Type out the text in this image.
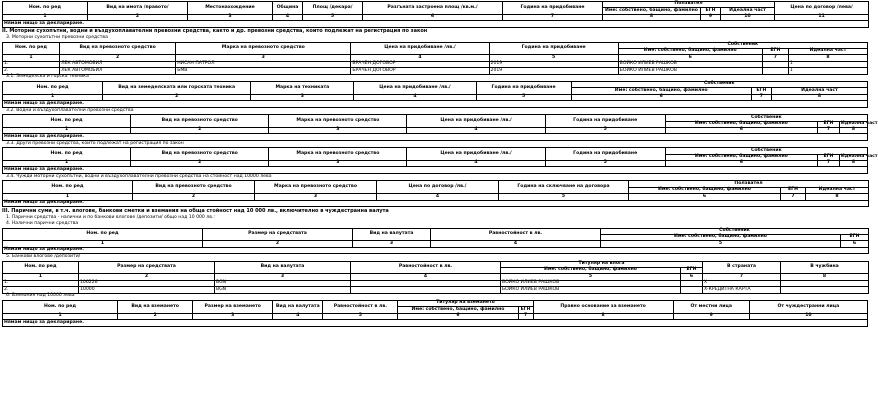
Ном. по ред	Вид на имота /правото/	Местонахождение	Община	Площ /декара/	Разгъната застроена площ /кв.м./	Година на придобиване	Ползвател			Цена по договор /лева/
							Име: собствено, бащино, фамилно	ЕГН	Идеална част	
1	2	3	4	5	6	7	8	9	10	11
Нямам нищо за деклариране.										
II. Моторни сухопътни, водни и въздухоплавателни превозни средства, както и др. превозни средства, които подлежат на регистрация по закон
3. Моторни сухопътни превозни средства
Ном. по ред	Вид на превозното средство	Марка на превозното средство	Цена на придобиване /лв./	Година на придобиване	Собственик		
					Име: собствено, бащино, фамилно	ЕГН	Идеална част
1	2	3	4	5	6	7	8
1.	ЛЕК АВТОМОБИЛ	НИСАН ПАТРОЛ	БРАЧЕН ДОГОВОР	2019	БОЙКО ИЛИЕВ РАШКОВ		1
2.	ЛЕК АВТОМОБИЛ	БМВ	БРАЧЕН ДОГОВОР	2019	БОЙКО ИЛИЕВ РАШКОВ		1
3.1. Земеделска и горска техника
Ном. по ред	Вид на земеделската или горската техника	Марка на техниката	Цена на придобиване /лв./	Година на придобиване	Собственик		
					Име: собствено, бащино, фамилно	ЕГН	Идеална част
1	2	3	4	5	6	7	8
Нямам нищо за деклариране.							
3.2. Водни и въздухоплавателни превозни средства
Ном. по ред	Вид на превозното средство	Марка на превозното средство	Цена на придобиване /лв./	Година на придобиване	Собственик		
					Име: собствено, бащино, фамилно	ЕГН	Идеална част
1	2	3	4	5	6	7	8
Нямам нищо за деклариране.							
3.3. Други превозни средства, които подлежат на регистрация по закон
Ном. по ред	Вид на превозното средство	Марка на превозното средство	Цена на придобиване /лв./	Година на придобиване	Собственик		
					Име: собствено, бащино, фамилно	ЕГН	Идеална част
1	2	3	4	5	6	7	8
Нямам нищо за деклариране.							
3.4. Чужди моторни сухопътни, водни и въздухоплавателни превозни средства на стойност над 10000 лева
Ном. по ред	Вид на превозното средство	Марка на превозното средство	Цена по договор /лв./	Година на сключване на договора	Ползвател		
					Име: собствено, бащино, фамилно	ЕГН	Идеална част
1	2	3	4	5	6	7	8
Нямам нищо за деклариране.							
III. Парични суми, в т.ч. влогове, банкови сметки и вземания на обща стойност над 10 000 лв., включително в чуждестранна валута
1. Парични средства - налични и по банкови влогове /депозити/ общо над 10 000 лв.:
4. Налични парични средства
Ном. по ред	Размер на средствата	Вид на валутата	Равностойност в лв.	Собственик	
				Име: собствено, бащино, фамилно	ЕГН
1	2	3	4	5	6
Нямам нищо за деклариране.					
5. Банкови влогове /депозити/
Ном. по ред	Размер на средствата	Вид на валутата	Равностойност в лв.	Титуляр на влога		В страната	В чужбина
				Име: собствено, бащино, фамилно	ЕГН		
1	2	3	4	5	6	7	8
1.	106226	BGN		БОЙКО ИЛИЕВ РАШКОВ		X	
2.	10000	BGN		БОЙКО ИЛИЕВ РАШКОВ		X-КРЕДИТНА КАРТА	
6. Вземания над 10000 лева
Ном. по ред	Вид на вземането	Размер на вземането	Вид на валутата	Равностойност в лв.	Титуляр на вземането		Правно основание за вземането	От местни лица	От чуждестранни лица
					Име: собствено, бащино, фамилно	ЕГН			
1	2	3	4	5	6	7	8	9	10
Нямам нищо за деклариране.									
